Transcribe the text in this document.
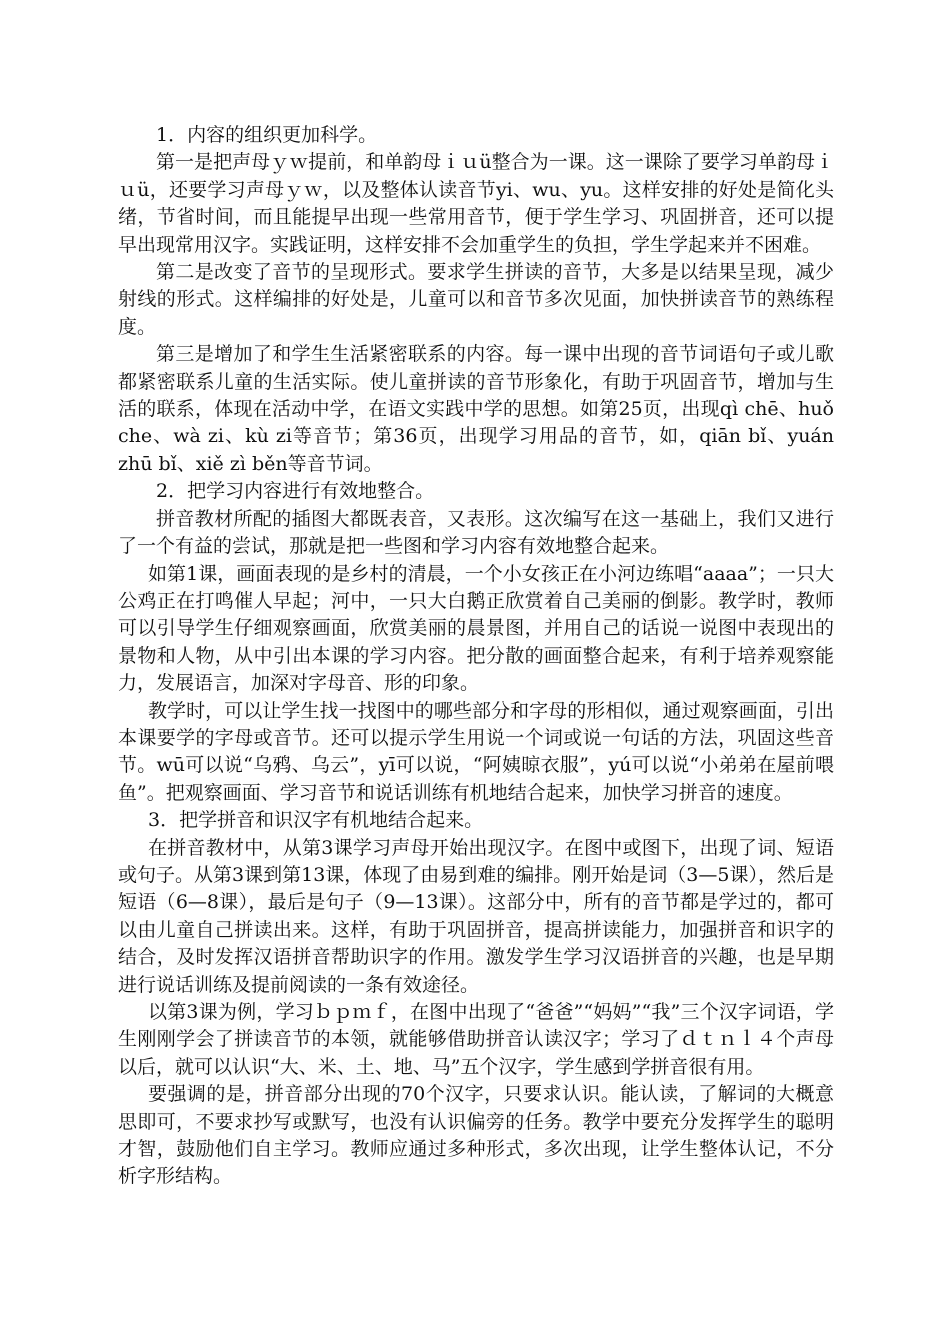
1．内容的组织更加科学。

第一是把声母ｙｗ提前，和单韵母ｉｕü整合为一课。这一课除了要学习单韵母ｉｕü，还要学习声母ｙｗ，以及整体认读音节yi、wu、yu。这样安排的好处是简化头绪，节省时间，而且能提早出现一些常用音节，便于学生学习、巩固拼音，还可以提早出现常用汉字。实践证明，这样安排不会加重学生的负担，学生学起来并不困难。

第二是改变了音节的呈现形式。要求学生拼读的音节，大多是以结果呈现，减少射线的形式。这样编排的好处是，儿童可以和音节多次见面，加快拼读音节的熟练程度。

第三是增加了和学生生活紧密联系的内容。每一课中出现的音节词语句子或儿歌都紧密联系儿童的生活实际。使儿童拼读的音节形象化，有助于巩固音节，增加与生活的联系，体现在活动中学，在语文实践中学的思想。如第25页，出现qì chē、huǒ che、wà zi、kù zi等音节；第36页，出现学习用品的音节，如，qiān bǐ、yuán zhū bǐ、xiě zì běn等音节词。

2．把学习内容进行有效地整合。

拼音教材所配的插图大都既表音，又表形。这次编写在这一基础上，我们又进行了一个有益的尝试，那就是把一些图和学习内容有效地整合起来。

如第1课，画面表现的是乡村的清晨，一个小女孩正在小河边练唱“aaaa”；一只大公鸡正在打鸣催人早起；河中，一只大白鹅正欣赏着自己美丽的倒影。教学时，教师可以引导学生仔细观察画面，欣赏美丽的晨景图，并用自己的话说一说图中表现出的景物和人物，从中引出本课的学习内容。把分散的画面整合起来，有利于培养观察能力，发展语言，加深对字母音、形的印象。

教学时，可以让学生找一找图中的哪些部分和字母的形相似，通过观察画面，引出本课要学的字母或音节。还可以提示学生用说一个词或说一句话的方法，巩固这些音节。wū可以说“乌鸦、乌云”，yī可以说，“阿姨晾衣服”，yú可以说“小弟弟在屋前喂鱼”。把观察画面、学习音节和说话训练有机地结合起来，加快学习拼音的速度。

3．把学拼音和识汉字有机地结合起来。

在拼音教材中，从第3课学习声母开始出现汉字。在图中或图下，出现了词、短语或句子。从第3课到第13课，体现了由易到难的编排。刚开始是词（3—5课），然后是短语（6—8课），最后是句子（9—13课）。这部分中，所有的音节都是学过的，都可以由儿童自己拼读出来。这样，有助于巩固拼音，提高拼读能力，加强拼音和识字的结合，及时发挥汉语拼音帮助识字的作用。激发学生学习汉语拼音的兴趣，也是早期进行说话训练及提前阅读的一条有效途径。

以第3课为例，学习ｂｐｍｆ，在图中出现了“爸爸”“妈妈”“我”三个汉字词语，学生刚刚学会了拼读音节的本领，就能够借助拼音认读汉字；学习了ｄｔｎｌ４个声母以后，就可以认识“大、米、土、地、马”五个汉字，学生感到学拼音很有用。

要强调的是，拼音部分出现的70个汉字，只要求认识。能认读，了解词的大概意思即可，不要求抄写或默写，也没有认识偏旁的任务。教学中要充分发挥学生的聪明才智，鼓励他们自主学习。教师应通过多种形式，多次出现，让学生整体认记，不分析字形结构。
